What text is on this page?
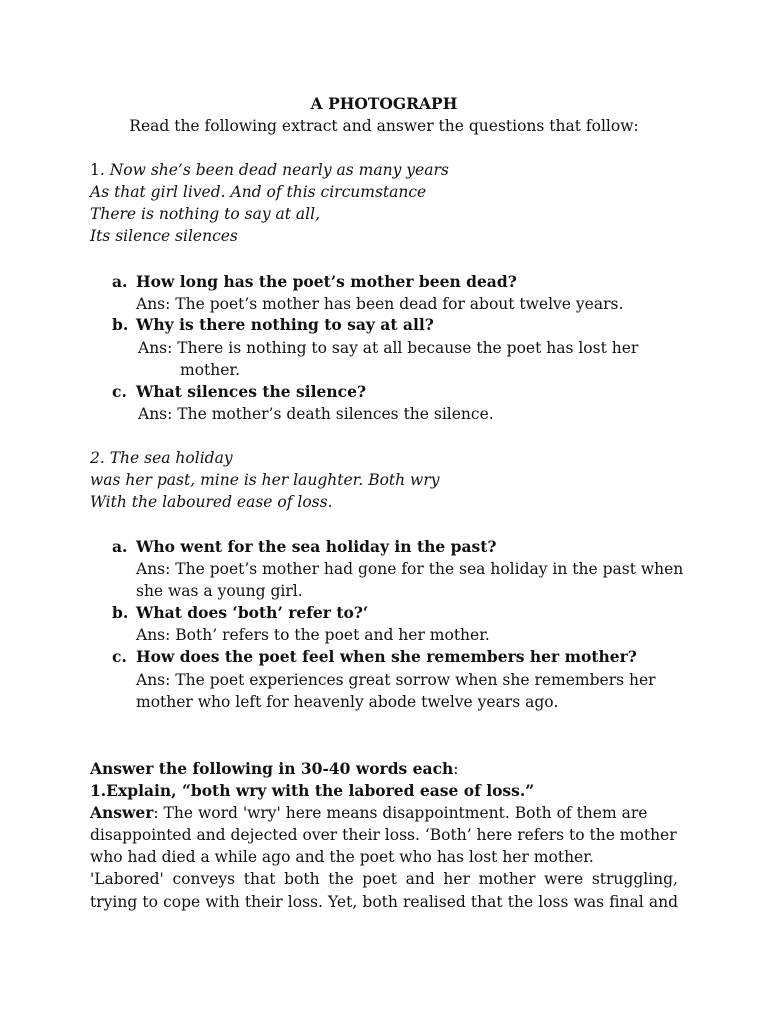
A PHOTOGRAPH
Read the following extract and answer the questions that follow:
1. Now she’s been dead nearly as many years
As that girl lived. And of this circumstance
There is nothing to say at all,
Its silence silences
a. How long has the poet’s mother been dead?
Ans: The poet’s mother has been dead for about twelve years.
b. Why is there nothing to say at all?
Ans: There is nothing to say at all because the poet has lost her
mother.
c. What silences the silence?
Ans: The mother’s death silences the silence.
2. The sea holiday
was her past, mine is her laughter. Both wry
With the laboured ease of loss.
a. Who went for the sea holiday in the past?
Ans: The poet’s mother had gone for the sea holiday in the past when
she was a young girl.
b. What does ‘both’ refer to?‘
Ans: Both’ refers to the poet and her mother.
c. How does the poet feel when she remembers her mother?
Ans: The poet experiences great sorrow when she remembers her
mother who left for heavenly abode twelve years ago.
Answer the following in 30-40 words each:
1.Explain, “both wry with the labored ease of loss.”
Answer: The word 'wry' here means disappointment. Both of them are
disappointed and dejected over their loss. ‘Both’ here refers to the mother
who had died a while ago and the poet who has lost her mother.
'Labored' conveys that both the poet and her mother were struggling,
trying to cope with their loss. Yet, both realised that the loss was final and
